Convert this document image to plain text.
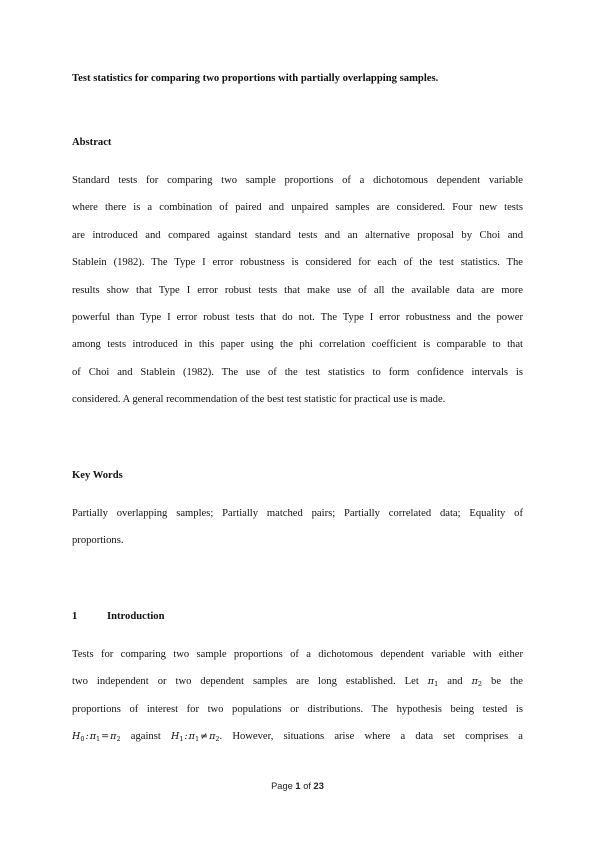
Test statistics for comparing two proportions with partially overlapping samples.
Abstract
Standard tests for comparing two sample proportions of a dichotomous dependent variable
where there is a combination of paired and unpaired samples are considered. Four new tests
are introduced and compared against standard tests and an alternative proposal by Choi and
Stablein (1982). The Type I error robustness is considered for each of the test statistics. The
results show that Type I error robust tests that make use of all the available data are more
powerful than Type I error robust tests that do not. The Type I error robustness and the power
among tests introduced in this paper using the phi correlation coefficient is comparable to that
of Choi and Stablein (1982). The use of the test statistics to form confidence intervals is
considered. A general recommendation of the best test statistic for practical use is made.
Key Words
Partially overlapping samples; Partially matched pairs; Partially correlated data; Equality of
proportions.
1	Introduction
Tests for comparing two sample proportions of a dichotomous dependent variable with either
two independent or two dependent samples are long established. Let $\pi_1$ and $\pi_2$ be the
proportions of interest for two populations or distributions. The hypothesis being tested is
$H_0$ : $\pi_1$ = $\pi_2$ against $H_1$ : $\pi_1$ ≠ $\pi_2$. However, situations arise where a data set comprises a
Page 1 of 23
